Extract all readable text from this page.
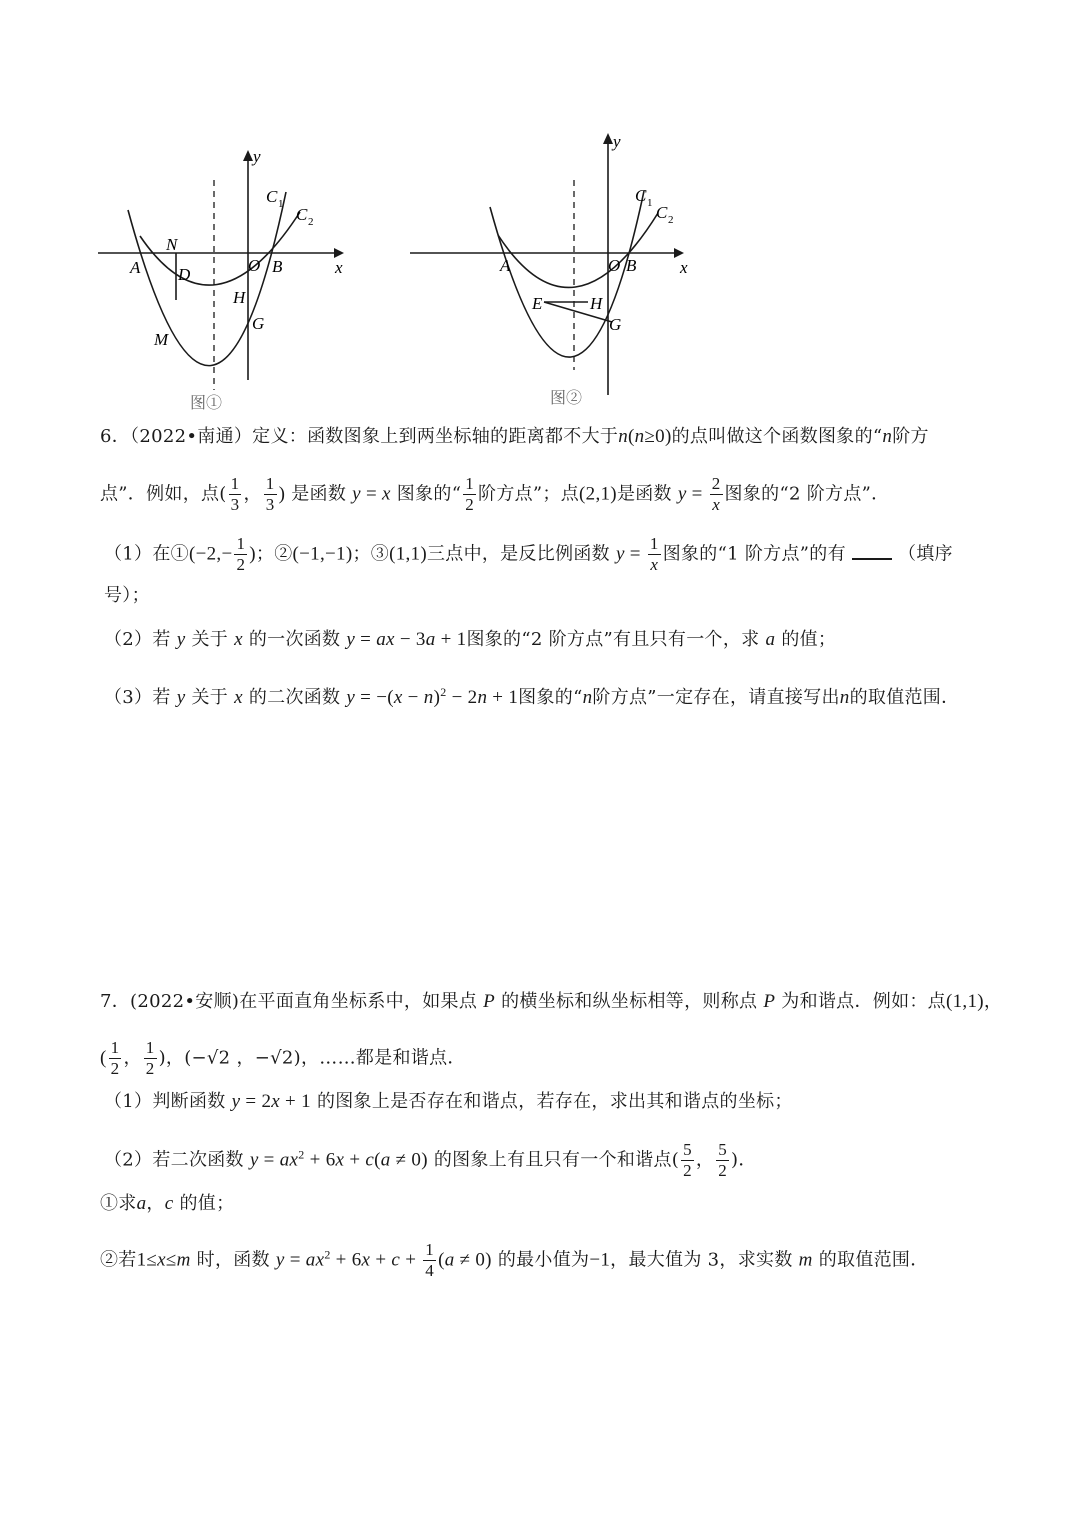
y
x
C 1
C 2
N
A D	O B
H
G
M
图①
y
x
C 1 C 2
A	O B
E	H
G
图②
6．（2022•南通）定义：函数图象上到两坐标轴的距离都不大于n(n≥0)的点叫做这个函数图象的“n阶方
点”．例如，点( $\frac{1}{3}$ ， $\frac{1}{3}$ ) 是函数 y = x 图象的“ $\frac{1}{2}$ 阶方点”；点(2,1)是函数 $y = \frac{2}{x}$ 图象的“2 阶方点”．
（1）在①(−2,− $\frac{1}{2}$ )；②(−1,−1)；③(1,1)三点中，是反比例函数 $y = \frac{1}{x}$ 图象的“1 阶方点”的有	（填序
号）；
（2）若 y 关于 x 的一次函数 y = ax − 3a + 1图象的“2 阶方点”有且只有一个，求 a 的值；
（3）若 y 关于 x 的二次函数 $y = -(x - n)^2 - 2n + 1$图象的“n阶方点”一定存在，请直接写出n的取值范围．
7．(2022•安顺)在平面直角坐标系中，如果点 P 的横坐标和纵坐标相等，则称点 P 为和谐点．例如：点(1,1)，
( $\frac{1}{2}$ ， $\frac{1}{2}$ )，(−√2 ，−√2)，……都是和谐点．
（1）判断函数 y = 2x + 1 的图象上是否存在和谐点，若存在，求出其和谐点的坐标；
（2）若二次函数 $y = ax^2 + 6x + c(a \ne 0)$ 的图象上有且只有一个和谐点( $\frac{5}{2}$ ， $\frac{5}{2}$ )．
①求a，c 的值；
②若1≤x≤m 时，函数 $y = ax^2 + 6x + c + \frac{1}{4} (a \ne 0)$ 的最小值为−1，最大值为 3，求实数 m 的取值范围．
